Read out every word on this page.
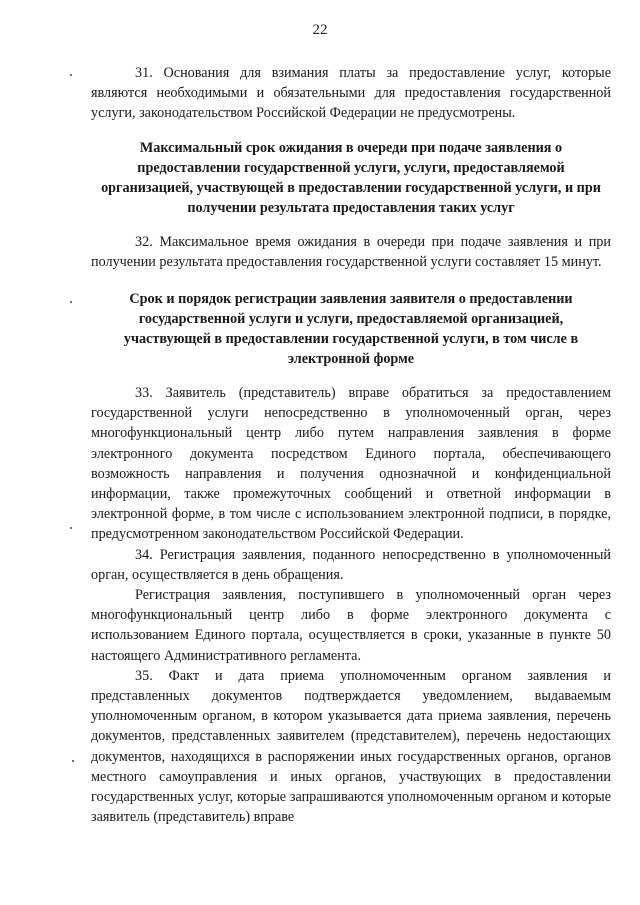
22

31. Основания для взимания платы за предоставление услуг, которые являются необходимыми и обязательными для предоставления государственной услуги, законодательством Российской Федерации не предусмотрены.

Максимальный срок ожидания в очереди при подаче заявления о предоставлении государственной услуги, услуги, предоставляемой организацией, участвующей в предоставлении государственной услуги, и при получении результата предоставления таких услуг

32. Максимальное время ожидания в очереди при подаче заявления и при получении результата предоставления государственной услуги составляет 15 минут.

Срок и порядок регистрации заявления заявителя о предоставлении государственной услуги и услуги, предоставляемой организацией, участвующей в предоставлении государственной услуги, в том числе в электронной форме

33. Заявитель (представитель) вправе обратиться за предоставлением государственной услуги непосредственно в уполномоченный орган, через многофункциональный центр либо путем направления заявления в форме электронного документа посредством Единого портала, обеспечивающего возможность направления и получения однозначной и конфиденциальной информации, также промежуточных сообщений и ответной информации в электронной форме, в том числе с использованием электронной подписи, в порядке, предусмотренном законодательством Российской Федерации.

34. Регистрация заявления, поданного непосредственно в уполномоченный орган, осуществляется в день обращения.

Регистрация заявления, поступившего в уполномоченный орган через многофункциональный центр либо в форме электронного документа с использованием Единого портала, осуществляется в сроки, указанные в пункте 50 настоящего Административного регламента.

35. Факт и дата приема уполномоченным органом заявления и представленных документов подтверждается уведомлением, выдаваемым уполномоченным органом, в котором указывается дата приема заявления, перечень документов, представленных заявителем (представителем), перечень недостающих документов, находящихся в распоряжении иных государственных органов, органов местного самоуправления и иных органов, участвующих в предоставлении государственных услуг, которые запрашиваются уполномоченным органом и которые заявитель (представитель) вправе
